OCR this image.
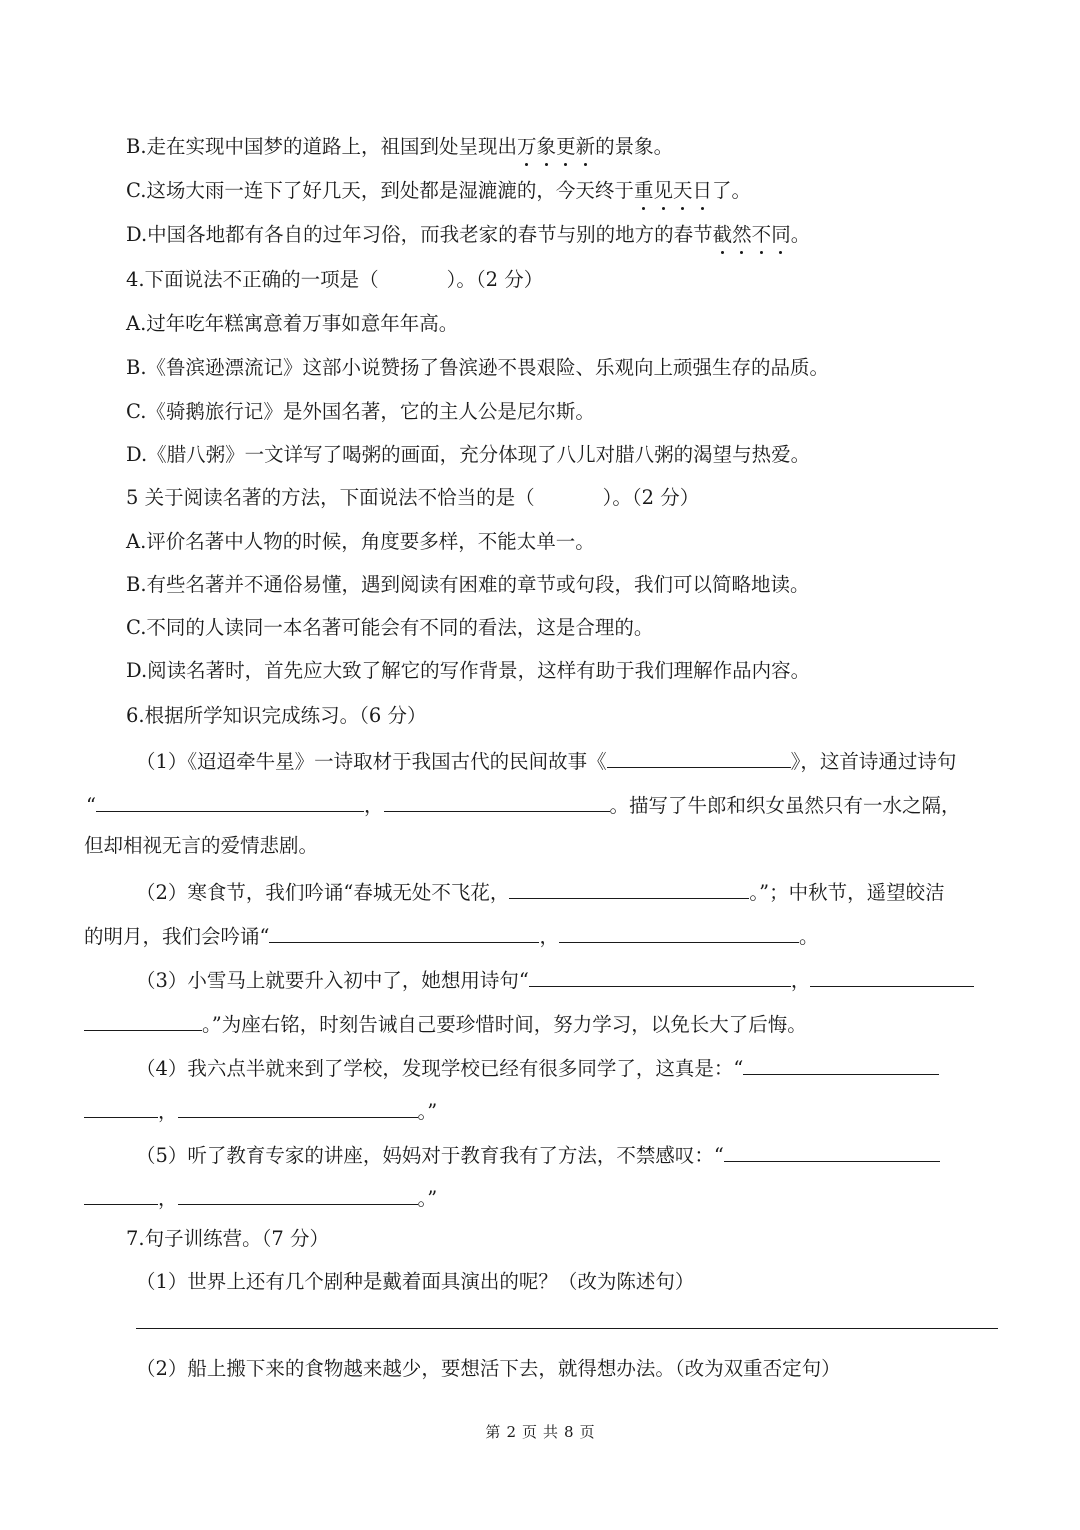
B.走在实现中国梦的道路上，祖国到处呈现出万象更新的景象。
C.这场大雨一连下了好几天，到处都是湿漉漉的，今天终于重见天日了。
D.中国各地都有各自的过年习俗，而我老家的春节与别的地方的春节截然不同。
4.下面说法不正确的一项是（	）。（2 分）
A.过年吃年糕寓意着万事如意年年高。
B.《鲁滨逊漂流记》这部小说赞扬了鲁滨逊不畏艰险、乐观向上顽强生存的品质。
C.《骑鹅旅行记》是外国名著，它的主人公是尼尔斯。
D.《腊八粥》一文详写了喝粥的画面，充分体现了八儿对腊八粥的渴望与热爱。
5 关于阅读名著的方法，下面说法不恰当的是（	）。（2 分）
A.评价名著中人物的时候，角度要多样，不能太单一。
B.有些名著并不通俗易懂，遇到阅读有困难的章节或句段，我们可以简略地读。
C.不同的人读同一本名著可能会有不同的看法，这是合理的。
D.阅读名著时，首先应大致了解它的写作背景，这样有助于我们理解作品内容。
6.根据所学知识完成练习。（6 分）
（1）《迢迢牵牛星》一诗取材于我国古代的民间故事《	》，这首诗通过诗句
“	，	。描写了牛郎和织女虽然只有一水之隔，
但却相视无言的爱情悲剧。
（2）寒食节，我们吟诵“春城无处不飞花，	。”；中秋节，遥望皎洁
的明月，我们会吟诵“	，	。
（3）小雪马上就要升入初中了，她想用诗句“	，
。”为座右铭，时刻告诫自己要珍惜时间，努力学习，以免长大了后悔。
（4）我六点半就来到了学校，发现学校已经有很多同学了，这真是：“
，	。”
（5）听了教育专家的讲座，妈妈对于教育我有了方法，不禁感叹：“
，	。”
7.句子训练营。（7 分）
（1）世界上还有几个剧种是戴着面具演出的呢？（改为陈述句）
（2）船上搬下来的食物越来越少，要想活下去，就得想办法。（改为双重否定句）
第 2 页 共 8 页
